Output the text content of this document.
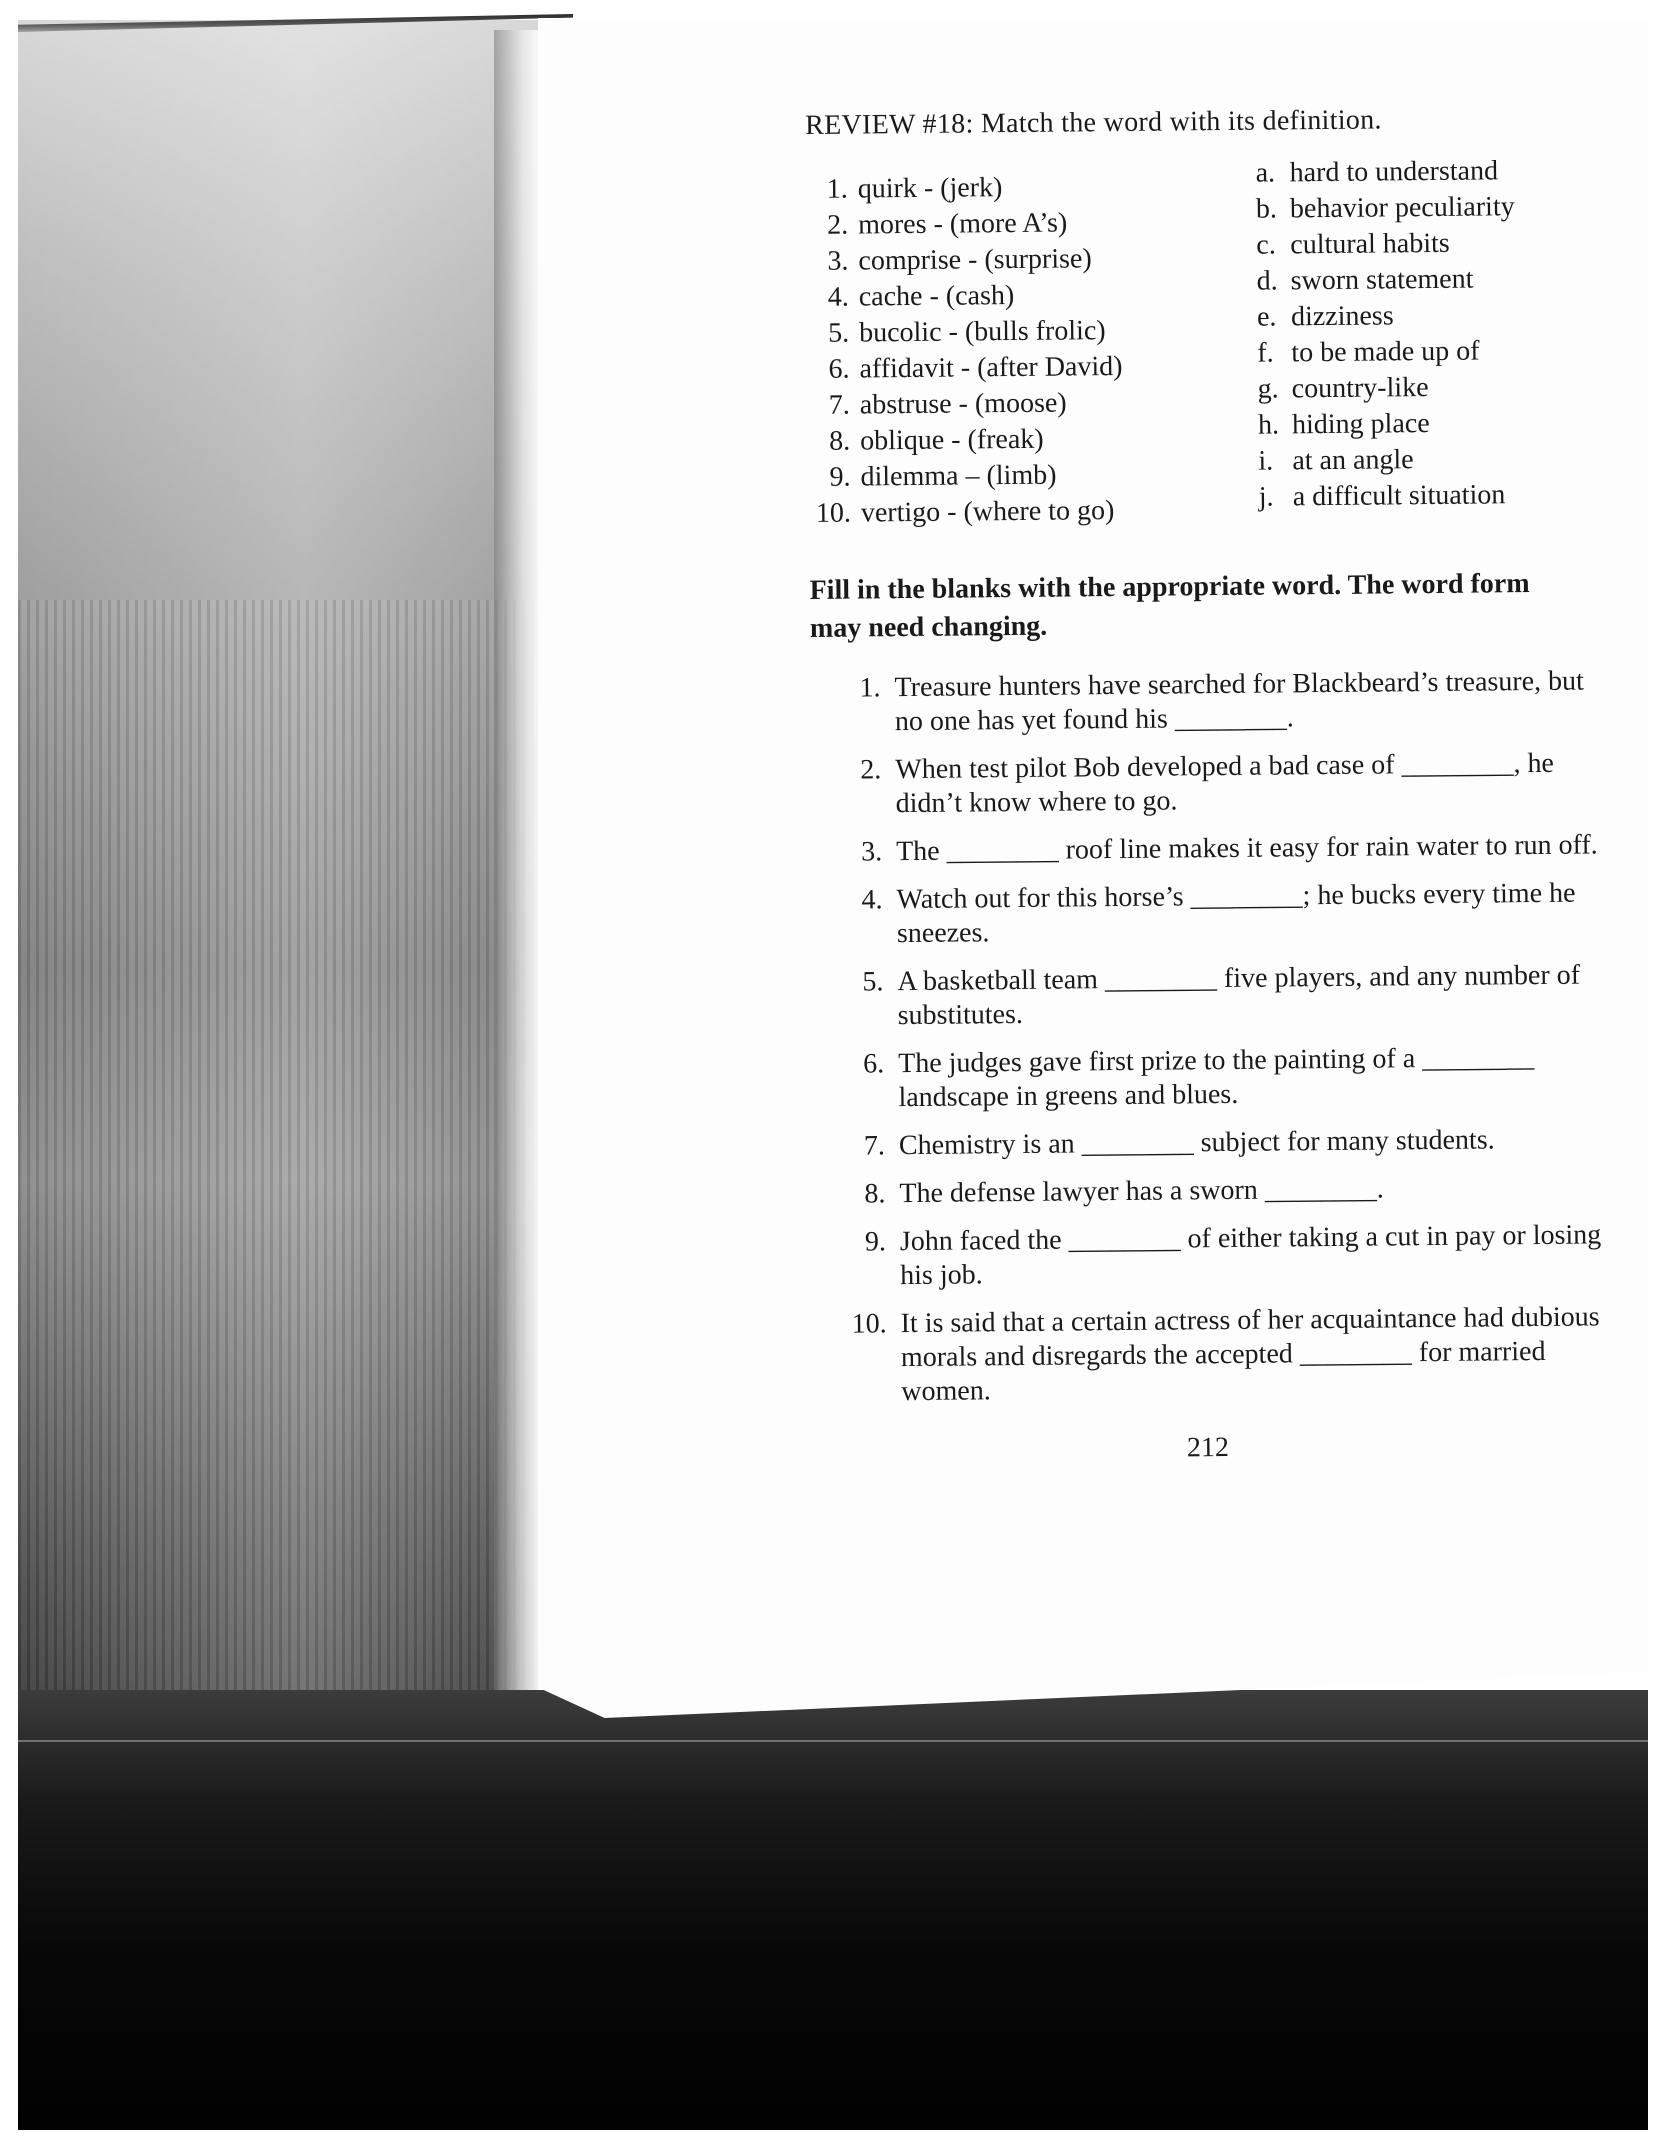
REVIEW #18: Match the word with its definition.
1. quirk - (jerk)
2. mores - (more A’s)
3. comprise - (surprise)
4. cache - (cash)
5. bucolic - (bulls frolic)
6. affidavit - (after David)
7. abstruse - (moose)
8. oblique - (freak)
9. dilemma – (limb)
10. vertigo - (where to go)
a. hard to understand
b. behavior peculiarity
c. cultural habits
d. sworn statement
e. dizziness
f. to be made up of
g. country-like
h. hiding place
i. at an angle
j. a difficult situation
Fill in the blanks with the appropriate word. The word form may need changing.
1. Treasure hunters have searched for Blackbeard’s treasure, but no one has yet found his ________.
2. When test pilot Bob developed a bad case of ________, he didn’t know where to go.
3. The ________ roof line makes it easy for rain water to run off.
4. Watch out for this horse’s ________; he bucks every time he sneezes.
5. A basketball team ________ five players, and any number of substitutes.
6. The judges gave first prize to the painting of a ________ landscape in greens and blues.
7. Chemistry is an ________ subject for many students.
8. The defense lawyer has a sworn ________.
9. John faced the ________ of either taking a cut in pay or losing his job.
10. It is said that a certain actress of her acquaintance had dubious morals and disregards the accepted ________ for married women.
212
